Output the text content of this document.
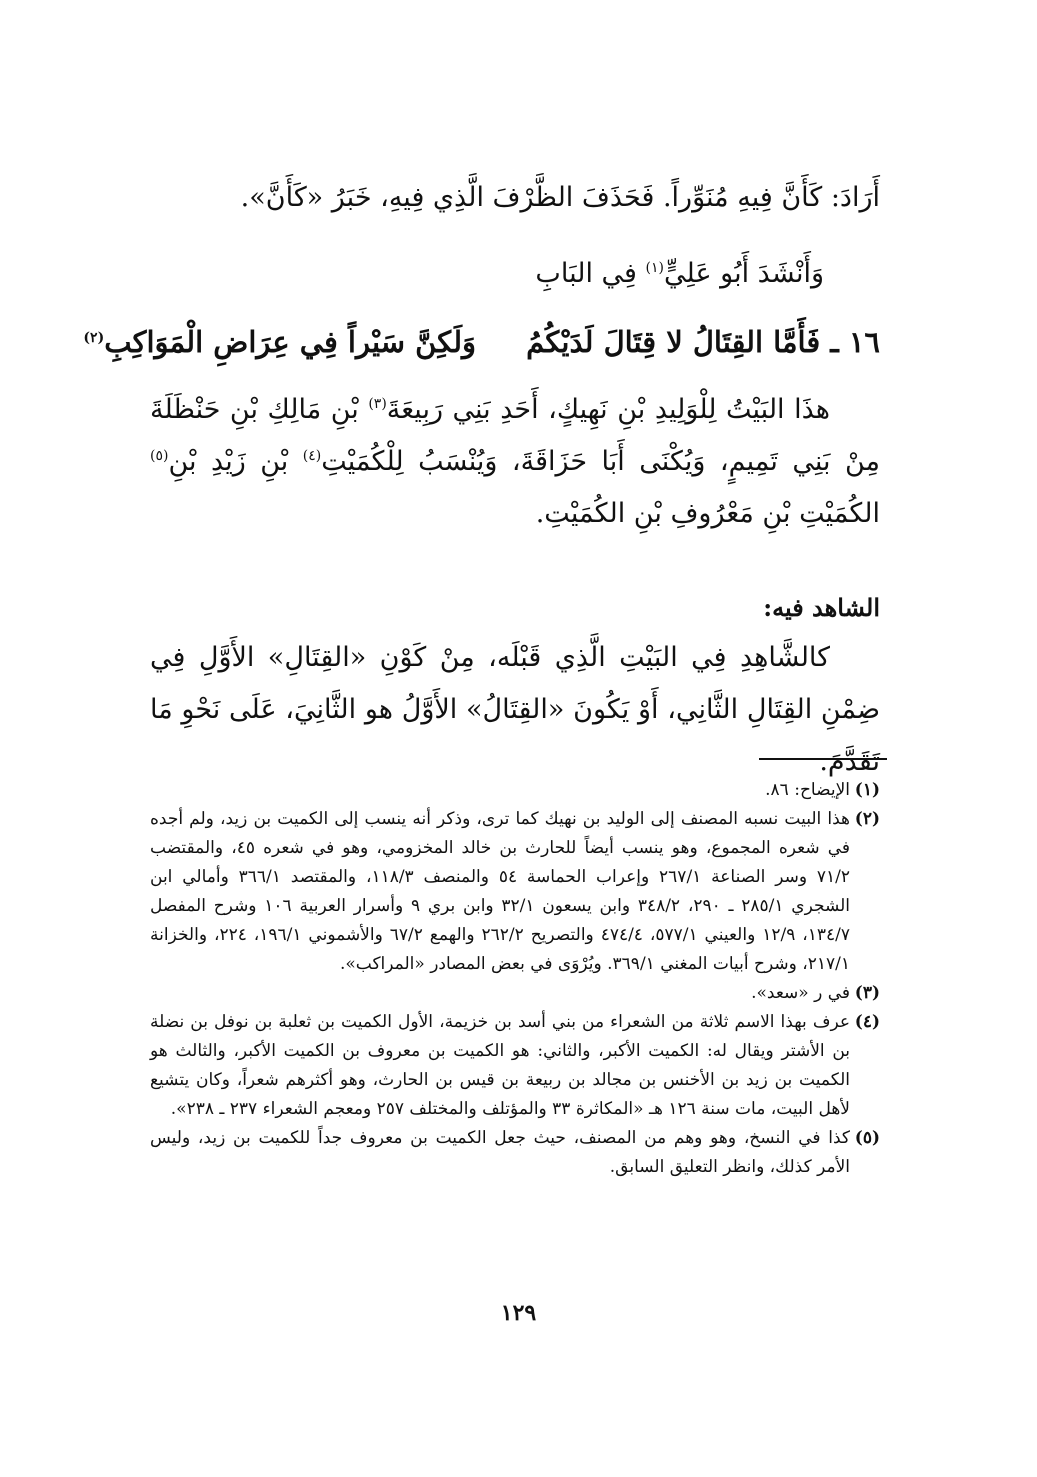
أَرَادَ: كَأَنَّ فِيهِ مُنَوِّراً. فَحَذَفَ الظَّرْفَ الَّذِي فِيهِ، خَبَرُ «كَأَنَّ».

وَأَنْشَدَ أَبُو عَلِيٍّ$^{(١)}$ فِي البَابِ

١٦ ـ
فَأَمَّا القِتَالُ لا قِتَالَ لَدَيْكُمُ
وَلَكِنَّ سَيْراً فِي عِرَاضِ الْمَوَاكِبِ$^{(٢)}$

هذَا البَيْتُ لِلْوَلِيدِ بْنِ نَهِيكٍ، أَحَدِ بَنِي رَبِيعَةَ$^{(٣)}$ بْنِ مَالِكِ بْنِ حَنْظَلَةَ مِنْ بَنِي تَمِيمٍ، وَيُكْنَى أَبَا حَزَاقَةَ، وَيُنْسَبُ لِلْكُمَيْتِ$^{(٤)}$ بْنِ زَيْدِ بْنِ$^{(٥)}$ الكُمَيْتِ بْنِ مَعْرُوفِ بْنِ الكُمَيْتِ.

الشاهد فيه:

كالشَّاهِدِ فِي البَيْتِ الَّذِي قَبْلَه، مِنْ كَوْنِ «القِتَالِ» الأَوَّلِ فِي ضِمْنِ القِتَالِ الثَّانِي، أَوْ يَكُونَ «القِتَالُ» الأَوَّلُ هو الثَّانِيَ، عَلَى نَحْوِ مَا تَقَدَّمَ.

(١)
الإيضاح: ٨٦.
(٢)
هذا البيت نسبه المصنف إلى الوليد بن نهيك كما ترى، وذكر أنه ينسب إلى الكميت بن زيد، ولم أجده في شعره المجموع، وهو ينسب أيضاً للحارث بن خالد المخزومي، وهو في شعره ٤٥، والمقتضب ٧١/٢ وسر الصناعة ٢٦٧/١ وإعراب الحماسة ٥٤ والمنصف ١١٨/٣، والمقتصد ٣٦٦/١ وأمالي ابن الشجري ٢٨٥/١ ـ ٢٩٠، ٣٤٨/٢ وابن يسعون ٣٢/١ وابن بري ٩ وأسرار العربية ١٠٦ وشرح المفصل ١٣٤/٧، ١٢/٩ والعيني ٥٧٧/١، ٤٧٤/٤ والتصريح ٢٦٢/٢ والهمع ٦٧/٢ والأشموني ١٩٦/١، ٢٢٤، والخزانة ٢١٧/١، وشرح أبيات المغني ٣٦٩/١. ويُرْوَى في بعض المصادر «المراكب».
(٣)
في ر «سعد».
(٤)
عرف بهذا الاسم ثلاثة من الشعراء من بني أسد بن خزيمة، الأول الكميت بن ثعلبة بن نوفل بن نضلة بن الأشتر ويقال له: الكميت الأكبر، والثاني: هو الكميت بن معروف بن الكميت الأكبر، والثالث هو الكميت بن زيد بن الأخنس بن مجالد بن ربيعة بن قيس بن الحارث، وهو أكثرهم شعراً، وكان يتشيع لأهل البيت، مات سنة ١٢٦ هـ «المكاثرة ٣٣ والمؤتلف والمختلف ٢٥٧ ومعجم الشعراء ٢٣٧ ـ ٢٣٨».
(٥)
كذا في النسخ، وهو وهم من المصنف، حيث جعل الكميت بن معروف جداً للكميت بن زيد، وليس الأمر كذلك، وانظر التعليق السابق.
١٢٩
